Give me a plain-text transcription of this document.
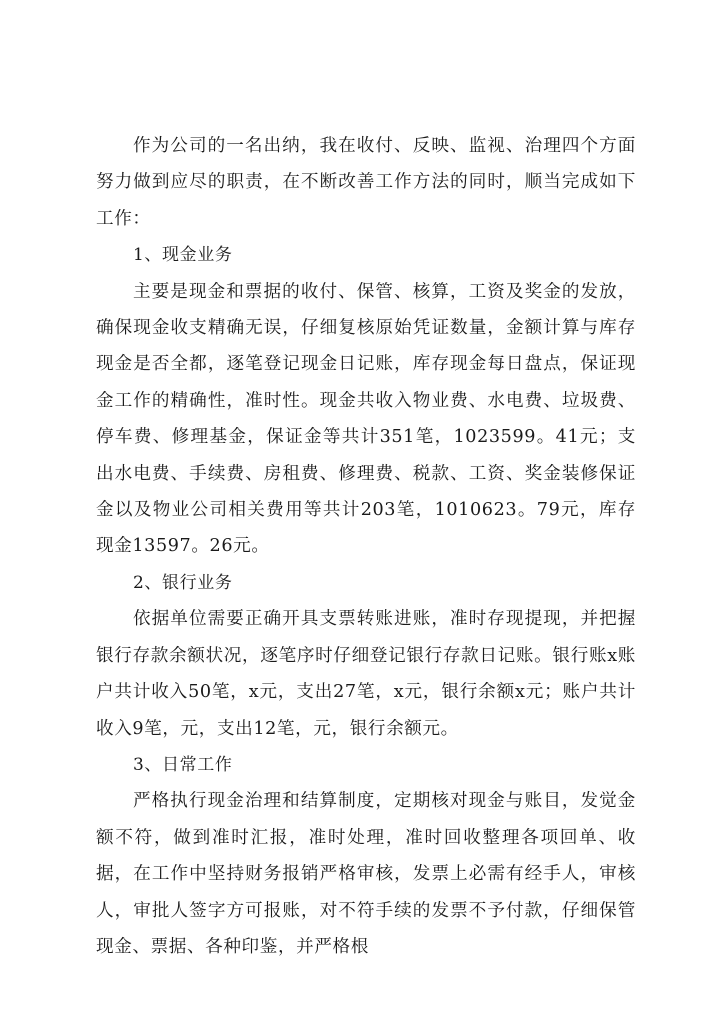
作为公司的一名出纳，我在收付、反映、监视、治理四个方面努力做到应尽的职责，在不断改善工作方法的同时，顺当完成如下工作：

1、现金业务

主要是现金和票据的收付、保管、核算，工资及奖金的发放，确保现金收支精确无误，仔细复核原始凭证数量，金额计算与库存现金是否全都，逐笔登记现金日记账，库存现金每日盘点，保证现金工作的精确性，准时性。现金共收入物业费、水电费、垃圾费、停车费、修理基金，保证金等共计351笔，1023599。41元；支出水电费、手续费、房租费、修理费、税款、工资、奖金装修保证金以及物业公司相关费用等共计203笔，1010623。79元，库存现金13597。26元。

2、银行业务

依据单位需要正确开具支票转账进账，准时存现提现，并把握银行存款余额状况，逐笔序时仔细登记银行存款日记账。银行账x账户共计收入50笔，x元，支出27笔，x元，银行余额x元；账户共计收入9笔，元，支出12笔，元，银行余额元。

3、日常工作

严格执行现金治理和结算制度，定期核对现金与账目，发觉金额不符，做到准时汇报，准时处理，准时回收整理各项回单、收据，在工作中坚持财务报销严格审核，发票上必需有经手人，审核人，审批人签字方可报账，对不符手续的发票不予付款，仔细保管现金、票据、各种印鉴，并严格根
